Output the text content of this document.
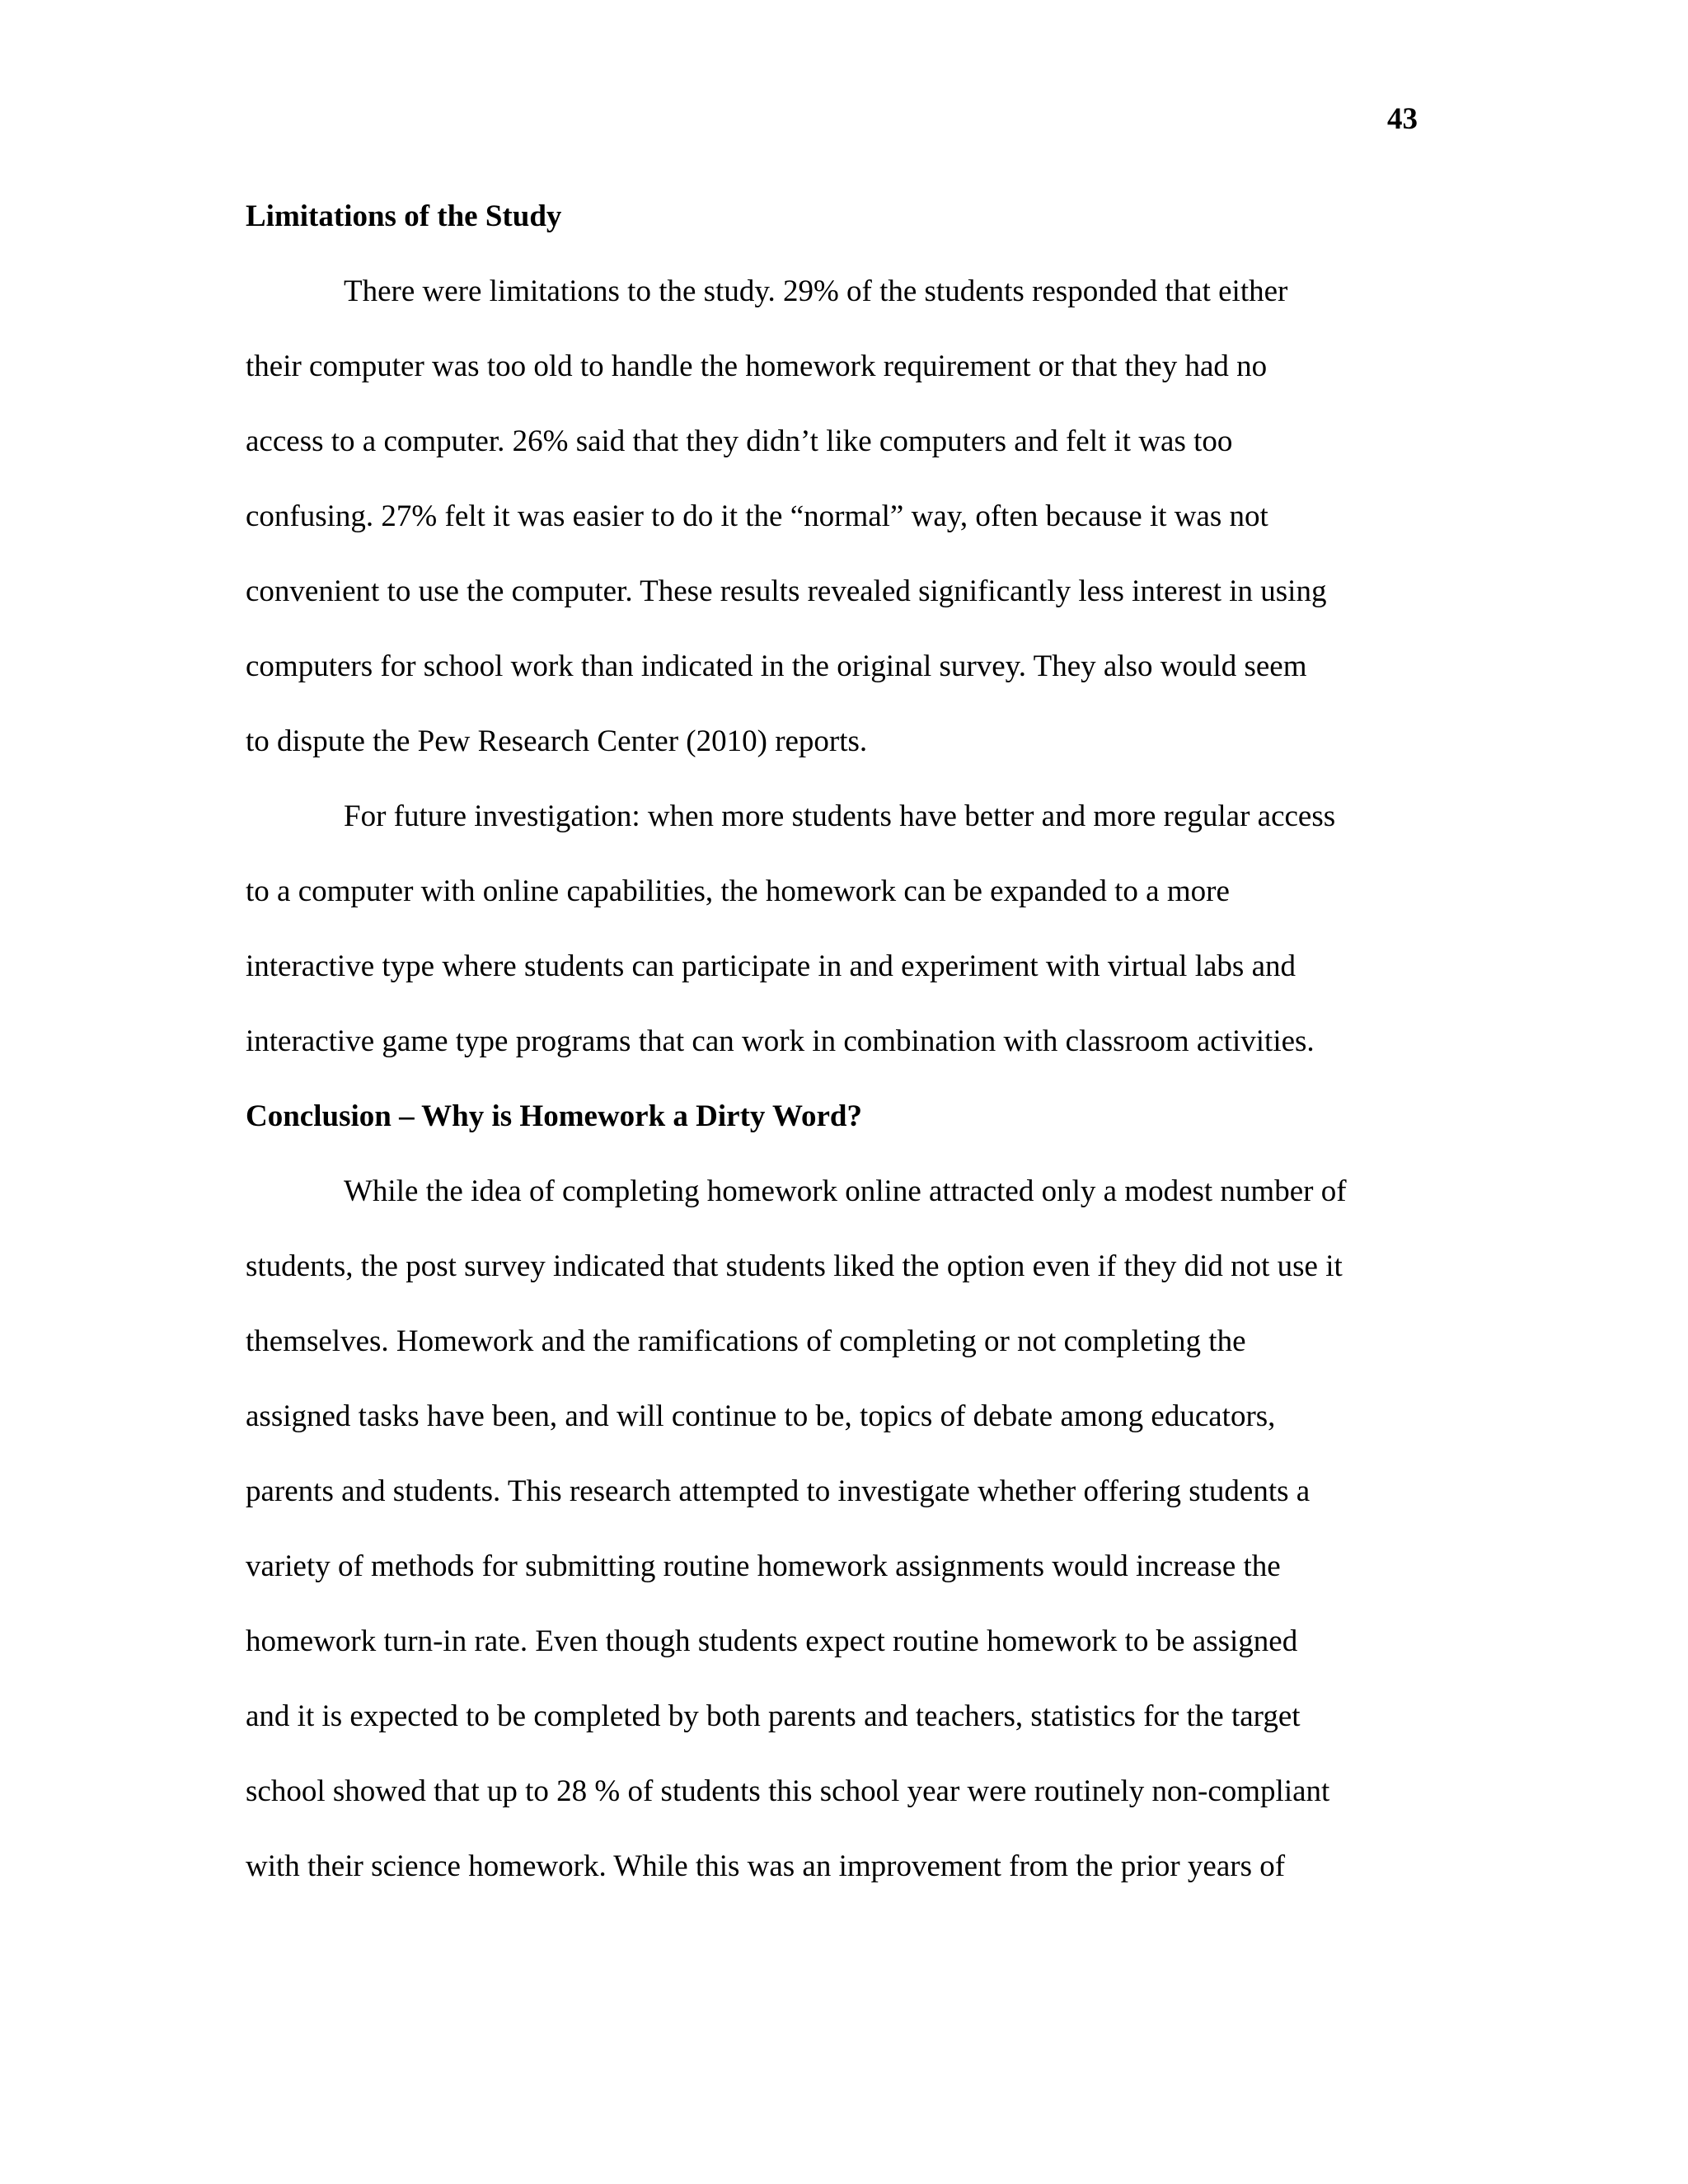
43
Limitations of the Study

There were limitations to the study. 29% of the students responded that either

their computer was too old to handle the homework requirement or that they had no

access to a computer. 26% said that they didn’t like computers and felt it was too

confusing. 27% felt it was easier to do it the “normal” way, often because it was not

convenient to use the computer. These results revealed significantly less interest in using

computers for school work than indicated in the original survey. They also would seem

to dispute the Pew Research Center (2010) reports.

For future investigation: when more students have better and more regular access

to a computer with online capabilities, the homework can be expanded to a more

interactive type where students can participate in and experiment with virtual labs and

interactive game type programs that can work in combination with classroom activities.

Conclusion – Why is Homework a Dirty Word?

While the idea of completing homework online attracted only a modest number of

students, the post survey indicated that students liked the option even if they did not use it

themselves. Homework and the ramifications of completing or not completing the

assigned tasks have been, and will continue to be, topics of debate among educators,

parents and students. This research attempted to investigate whether offering students a

variety of methods for submitting routine homework assignments would increase the

homework turn-in rate. Even though students expect routine homework to be assigned

and it is expected to be completed by both parents and teachers, statistics for the target

school showed that up to 28 % of students this school year were routinely non-compliant

with their science homework. While this was an improvement from the prior years of
